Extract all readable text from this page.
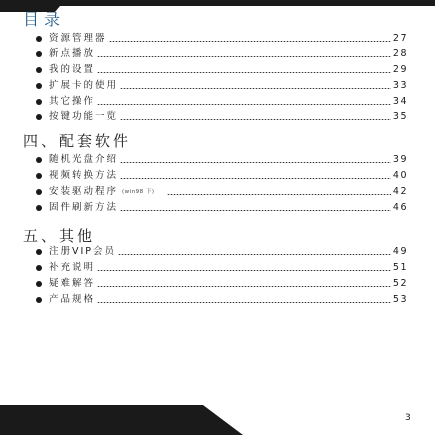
目录
资源管理器	27
新点播放	28
我的设置	29
扩展卡的使用	33
其它操作	34
按键功能一览	35
四、配套软件
随机光盘介绍	39
视频转换方法	40
安装驱动程序 (win98 下)	42
固件刷新方法	46
五、其他
注册VIP会员	49
补充说明	51
疑难解答	52
产品规格	53
3
